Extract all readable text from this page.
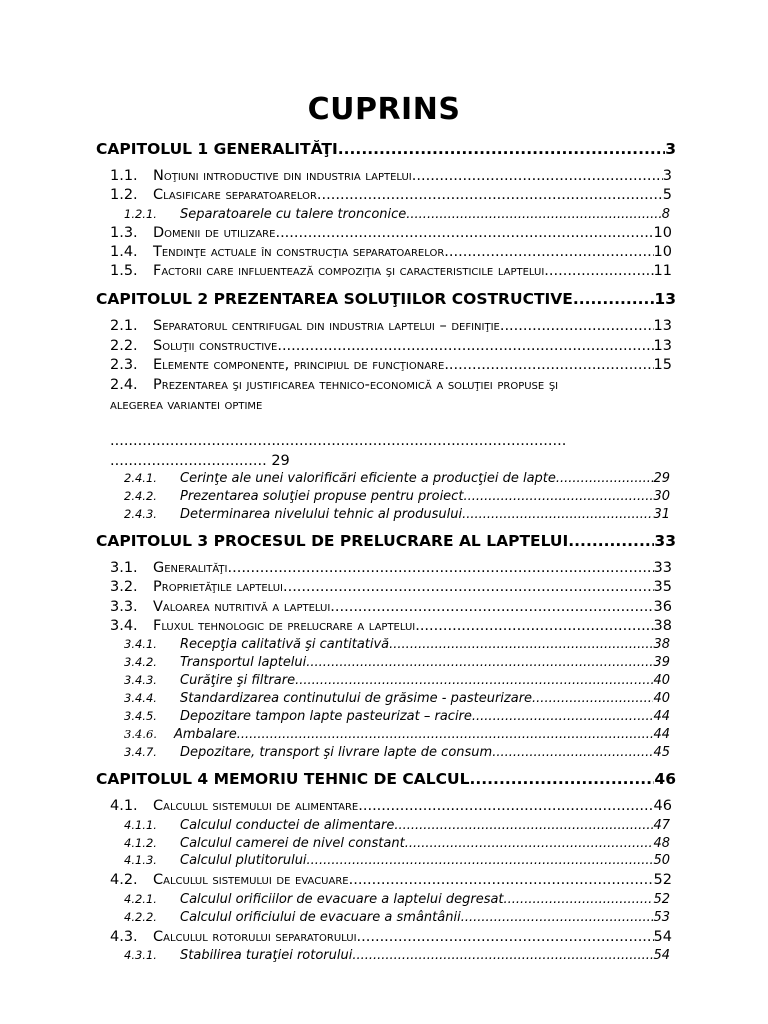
CUPRINS
CAPITOLUL 1 GENERALITĂŢI .....	3
1.1.	Noţiuni introductive din industria laptelui .....	3
1.2.	Clasificare separatoarelor .....	5
1.2.1.	Separatoarele cu talere tronconice .....	8
1.3.	Domenii de utilizare .....	10
1.4.	Tendinţe actuale în construcţia separatoarelor .....	10
1.5.	Factorii care influentează compoziţia şi caracteristicile laptelui .....	11
CAPITOLUL 2 PREZENTAREA SOLUŢIILOR COSTRUCTIVE .....	13
2.1.	Separatorul centrifugal din industria laptelui – definiţie .....	13
2.2.	Soluţii constructive .....	13
2.3.	Elemente componente, principiul de funcţionare .....	15
2.4. Prezentarea şi justificarea tehnico-economică a soluţiei propuse şi
alegerea variantei optime
...................................................................................................
.................................. 29
2.4.1.	Cerinţe ale unei valorificări eficiente a producţiei de lapte .....	29
2.4.2.	Prezentarea soluţiei propuse pentru proiect .....	30
2.4.3.	Determinarea nivelului tehnic al produsului .....	31
CAPITOLUL 3 PROCESUL DE PRELUCRARE AL LAPTELUI .....	33
3.1.	Generalităţi .....	33
3.2.	Proprietăţile laptelui .....	35
3.3.	Valoarea nutritivă a laptelui .....	36
3.4.	Fluxul tehnologic de prelucrare a laptelui .....	38
3.4.1.	Recepţia calitativă şi cantitativă .....	38
3.4.2.	Transportul laptelui .....	39
3.4.3.	Curăţire şi filtrare .....	40
3.4.4.	Standardizarea continutului de grăsime - pasteurizare .....	40
3.4.5.	Depozitare tampon lapte pasteurizat – racire .....	44
3.4.6.	Ambalare .....	44
3.4.7.	Depozitare, transport şi livrare lapte de consum .....	45
CAPITOLUL 4 MEMORIU TEHNIC DE CALCUL .....	46
4.1.	Calculul sistemului de alimentare .....	46
4.1.1.	Calculul conductei de alimentare .....	47
4.1.2.	Calculul camerei de nivel constant .....	48
4.1.3.	Calculul plutitorului .....	50
4.2.	Calculul sistemului de evacuare .....	52
4.2.1.	Calculul orificiilor de evacuare a laptelui degresat .....	52
4.2.2.	Calculul orificiului de evacuare a smântânii .....	53
4.3.	Calculul rotorului separatorului .....	54
4.3.1.	Stabilirea turaţiei rotorului .....	54
